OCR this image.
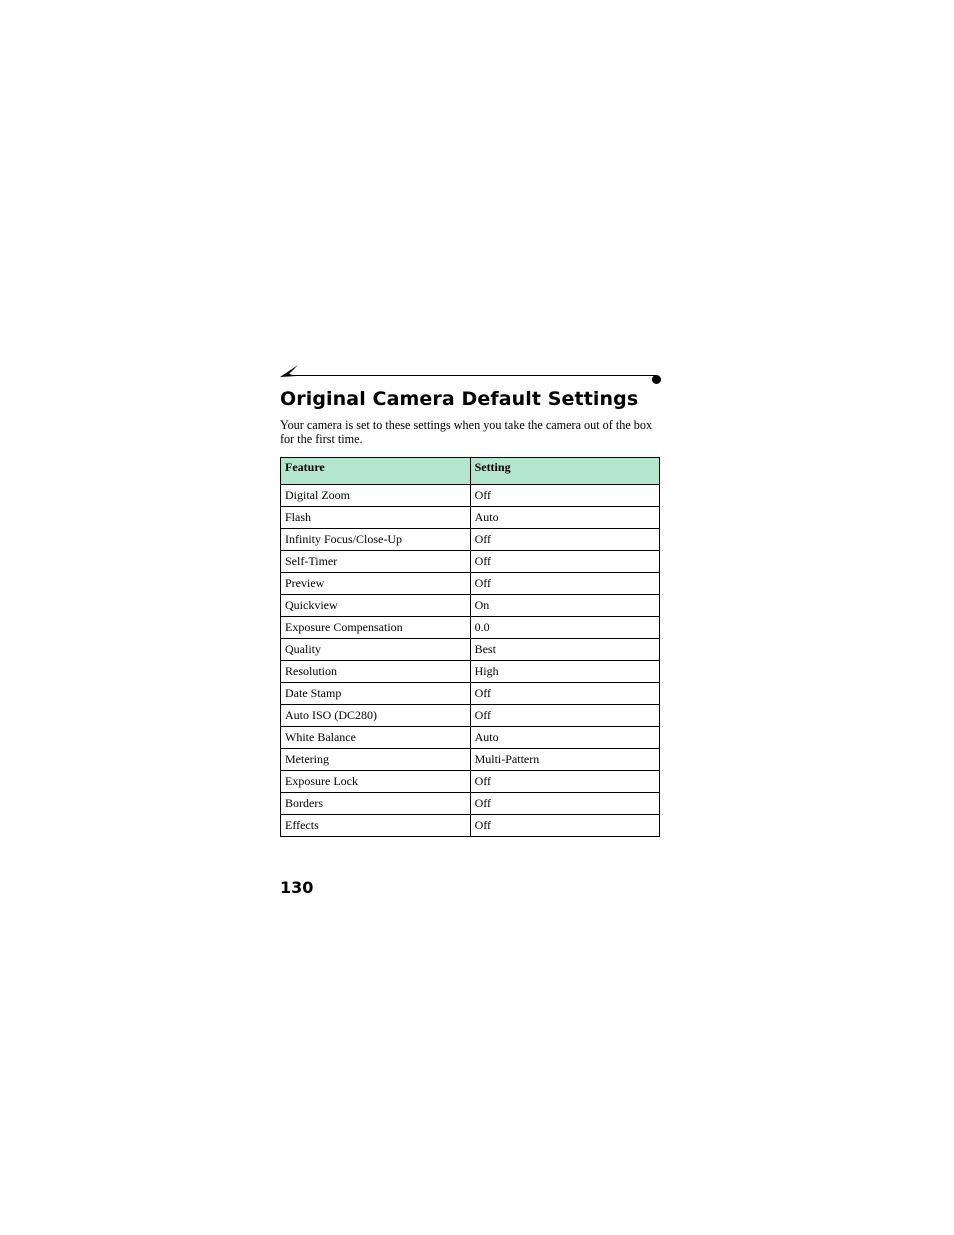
Original Camera Default Settings

Your camera is set to these settings when you take the camera out of the box for the first time.

Feature	Setting
Digital Zoom	Off
Flash	Auto
Infinity Focus/Close-Up	Off
Self-Timer	Off
Preview	Off
Quickview	On
Exposure Compensation	0.0
Quality	Best
Resolution	High
Date Stamp	Off
Auto ISO (DC280)	Off
White Balance	Auto
Metering	Multi-Pattern
Exposure Lock	Off
Borders	Off
Effects	Off

130
